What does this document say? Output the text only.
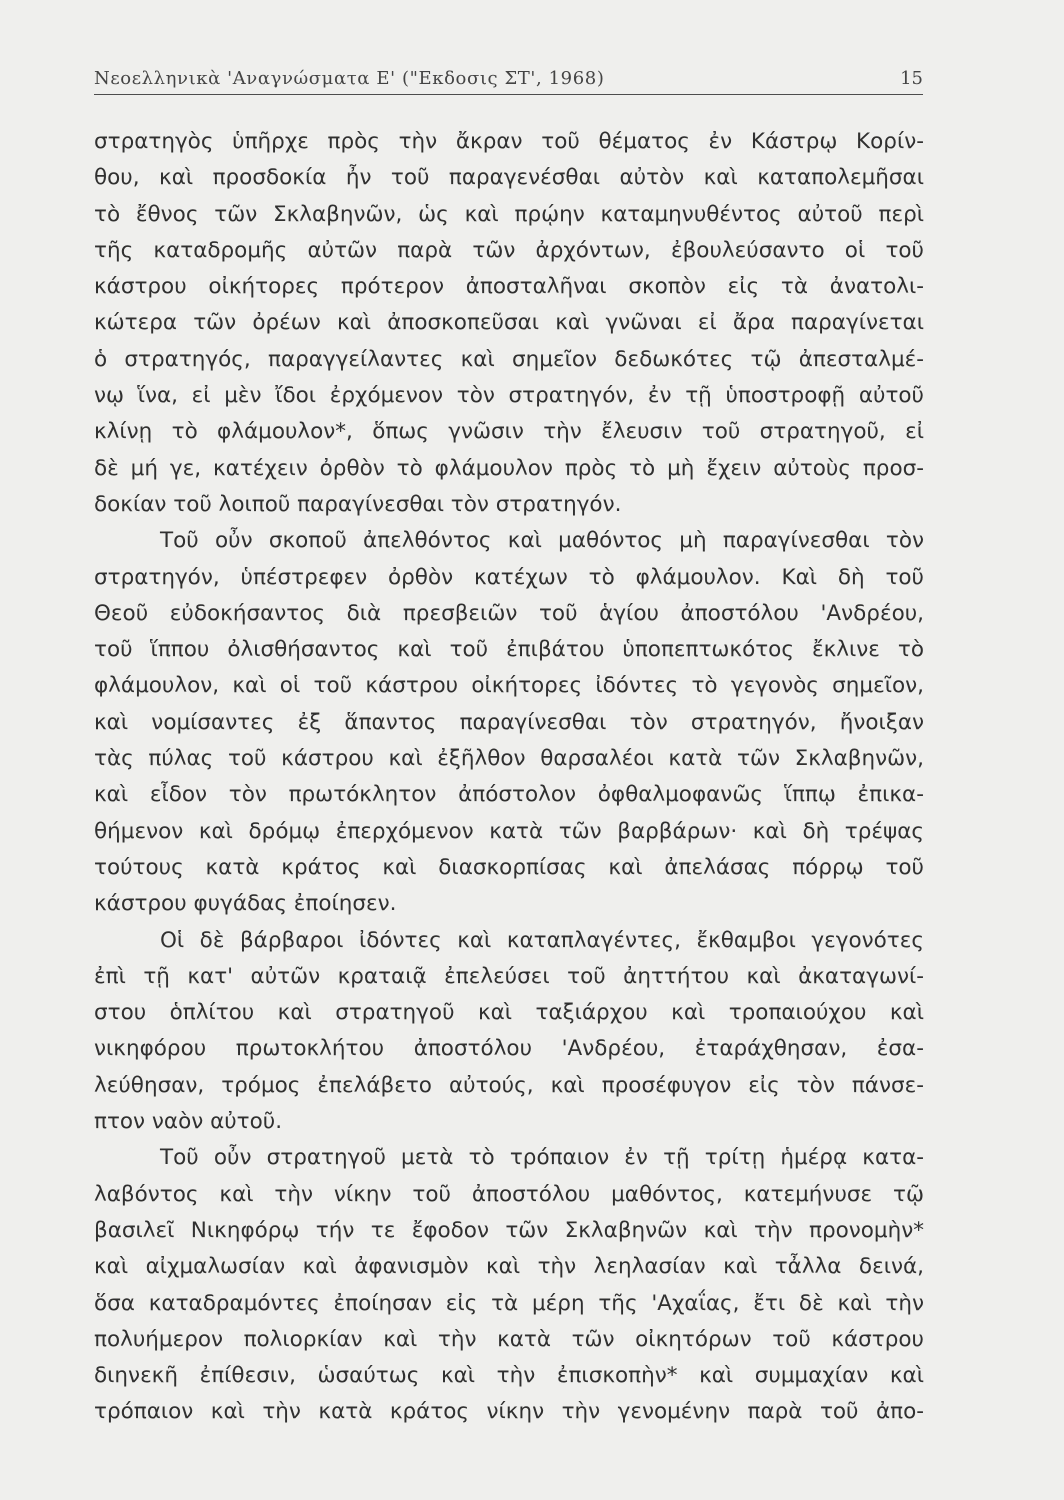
Νεοελληνικὰ 'Αναγνώσματα Ε' ("Εκδοσις ΣΤ', 1968)	15
στρατηγὸς ὑπῆρχε πρὸς τὴν ἄκραν τοῦ θέματος ἐν Κάστρῳ Κορίν-
θου, καὶ προσδοκία ἦν τοῦ παραγενέσθαι αὐτὸν καὶ καταπολεμῆσαι
τὸ ἔθνος τῶν Σκλαβηνῶν, ὡς καὶ πρῴην καταμηνυθέντος αὐτοῦ περὶ
τῆς καταδρομῆς αὐτῶν παρὰ τῶν ἀρχόντων, ἐβουλεύσαντο οἱ τοῦ
κάστρου οἰκήτορες πρότερον ἀποσταλῆναι σκοπὸν εἰς τὰ ἀνατολι-
κώτερα τῶν ὀρέων καὶ ἀποσκοπεῦσαι καὶ γνῶναι εἰ ἄρα παραγίνεται
ὁ στρατηγός, παραγγείλαντες καὶ σημεῖον δεδωκότες τῷ ἀπεσταλμέ-
νῳ ἵνα, εἰ μὲν ἴδοι ἐρχόμενον τὸν στρατηγόν, ἐν τῇ ὑποστροφῇ αὐτοῦ
κλίνῃ τὸ φλάμουλον*, ὅπως γνῶσιν τὴν ἔλευσιν τοῦ στρατηγοῦ, εἰ
δὲ μή γε, κατέχειν ὀρθὸν τὸ φλάμουλον πρὸς τὸ μὴ ἔχειν αὐτοὺς προσ-
δοκίαν τοῦ λοιποῦ παραγίνεσθαι τὸν στρατηγόν.
Τοῦ οὖν σκοποῦ ἀπελθόντος καὶ μαθόντος μὴ παραγίνεσθαι τὸν
στρατηγόν, ὑπέστρεφεν ὀρθὸν κατέχων τὸ φλάμουλον. Καὶ δὴ τοῦ
Θεοῦ εὐδοκήσαντος διὰ πρεσβειῶν τοῦ ἁγίου ἀποστόλου 'Ανδρέου,
τοῦ ἵππου ὀλισθήσαντος καὶ τοῦ ἐπιβάτου ὑποπεπτωκότος ἔκλινε τὸ
φλάμουλον, καὶ οἱ τοῦ κάστρου οἰκήτορες ἰδόντες τὸ γεγονὸς σημεῖον,
καὶ νομίσαντες ἐξ ἅπαντος παραγίνεσθαι τὸν στρατηγόν, ἤνοιξαν
τὰς πύλας τοῦ κάστρου καὶ ἐξῆλθον θαρσαλέοι κατὰ τῶν Σκλαβηνῶν,
καὶ εἶδον τὸν πρωτόκλητον ἀπόστολον ὀφθαλμοφανῶς ἵππῳ ἐπικα-
θήμενον καὶ δρόμῳ ἐπερχόμενον κατὰ τῶν βαρβάρων· καὶ δὴ τρέψας
τούτους κατὰ κράτος καὶ διασκορπίσας καὶ ἀπελάσας πόρρῳ τοῦ
κάστρου φυγάδας ἐποίησεν.
Οἱ δὲ βάρβαροι ἰδόντες καὶ καταπλαγέντες, ἔκθαμβοι γεγονότες
ἐπὶ τῇ κατ' αὐτῶν κραταιᾷ ἐπελεύσει τοῦ ἀηττήτου καὶ ἀκαταγωνί-
στου ὁπλίτου καὶ στρατηγοῦ καὶ ταξιάρχου καὶ τροπαιούχου καὶ
νικηφόρου πρωτοκλήτου ἀποστόλου 'Ανδρέου, ἐταράχθησαν, ἐσα-
λεύθησαν, τρόμος ἐπελάβετο αὐτούς, καὶ προσέφυγον εἰς τὸν πάνσε-
πτον ναὸν αὐτοῦ.
Τοῦ οὖν στρατηγοῦ μετὰ τὸ τρόπαιον ἐν τῇ τρίτῃ ἡμέρᾳ κατα-
λαβόντος καὶ τὴν νίκην τοῦ ἀποστόλου μαθόντος, κατεμήνυσε τῷ
βασιλεῖ Νικηφόρῳ τήν τε ἔφοδον τῶν Σκλαβηνῶν καὶ τὴν προνομὴν*
καὶ αἰχμαλωσίαν καὶ ἀφανισμὸν καὶ τὴν λεηλασίαν καὶ τἆλλα δεινά,
ὅσα καταδραμόντες ἐποίησαν εἰς τὰ μέρη τῆς 'Αχαΐας, ἔτι δὲ καὶ τὴν
πολυήμερον πολιορκίαν καὶ τὴν κατὰ τῶν οἰκητόρων τοῦ κάστρου
διηνεκῆ ἐπίθεσιν, ὡσαύτως καὶ τὴν ἐπισκοπὴν* καὶ συμμαχίαν καὶ
τρόπαιον καὶ τὴν κατὰ κράτος νίκην τὴν γενομένην παρὰ τοῦ ἀπο-
